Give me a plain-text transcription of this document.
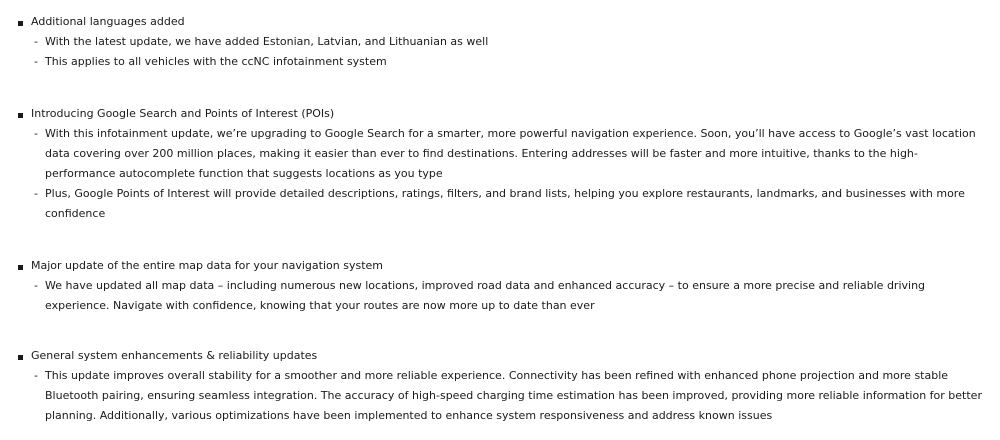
Additional languages added
- With the latest update, we have added Estonian, Latvian, and Lithuanian as well
- This applies to all vehicles with the ccNC infotainment system
Introducing Google Search and Points of Interest (POIs)
- With this infotainment update, we’re upgrading to Google Search for a smarter, more powerful navigation experience. Soon, you’ll have access to Google’s vast location data covering over 200 million places, making it easier than ever to find destinations. Entering addresses will be faster and more intuitive, thanks to the high-performance autocomplete function that suggests locations as you type
- Plus, Google Points of Interest will provide detailed descriptions, ratings, filters, and brand lists, helping you explore restaurants, landmarks, and businesses with more confidence
Major update of the entire map data for your navigation system
- We have updated all map data – including numerous new locations, improved road data and enhanced accuracy – to ensure a more precise and reliable driving experience. Navigate with confidence, knowing that your routes are now more up to date than ever
General system enhancements & reliability updates
- This update improves overall stability for a smoother and more reliable experience. Connectivity has been refined with enhanced phone projection and more stable Bluetooth pairing, ensuring seamless integration. The accuracy of high-speed charging time estimation has been improved, providing more reliable information for better planning. Additionally, various optimizations have been implemented to enhance system responsiveness and address known issues
